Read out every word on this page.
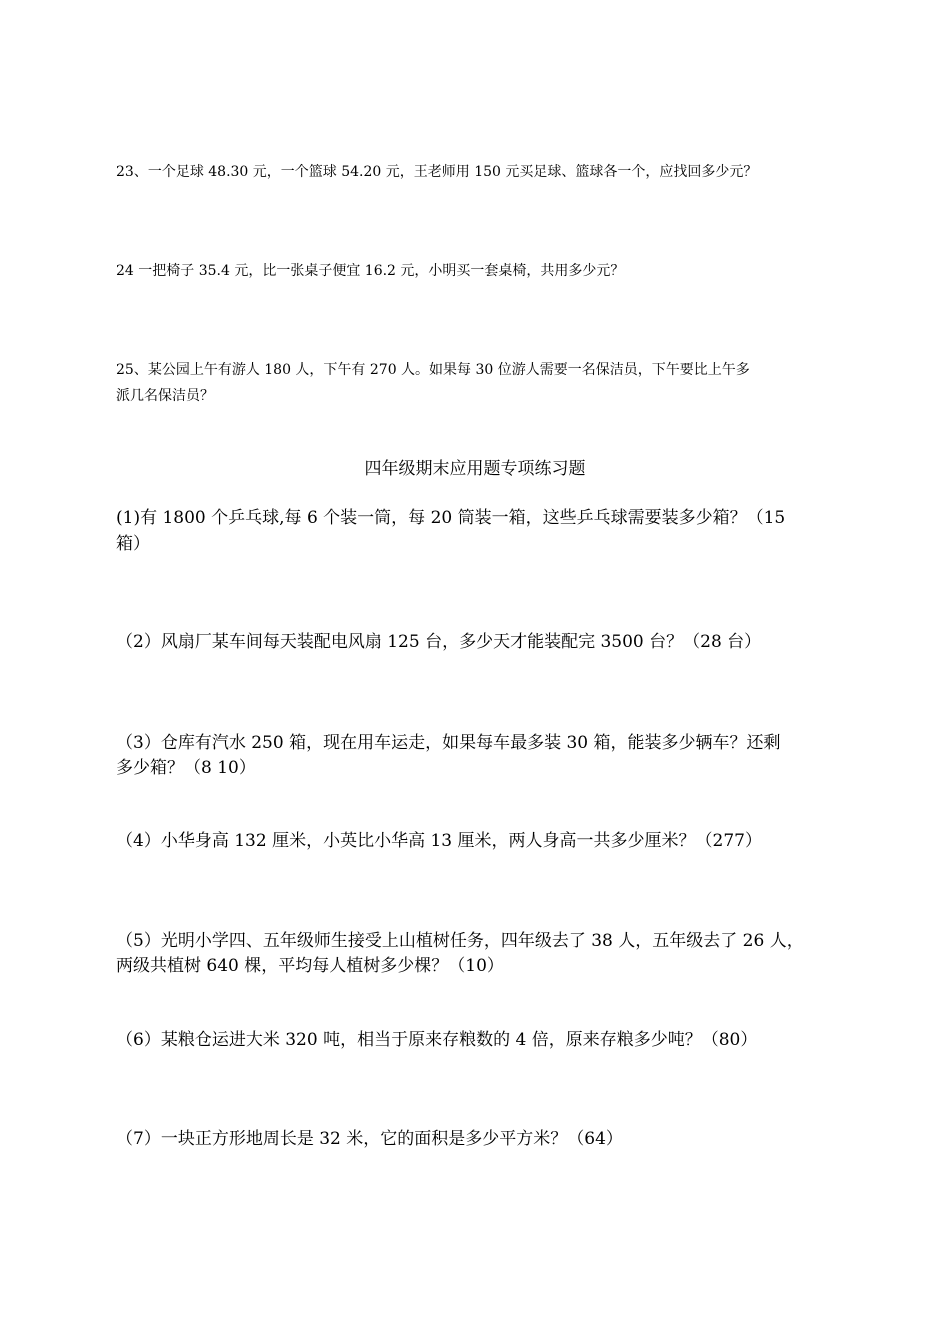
23、一个足球 48.30 元，一个篮球 54.20 元，王老师用 150 元买足球、篮球各一个，应找回多少元？
24 一把椅子 35.4 元，比一张桌子便宜 16.2 元，小明买一套桌椅，共用多少元？
25、某公园上午有游人 180 人，下午有 270 人。如果每 30 位游人需要一名保洁员，下午要比上午多
派几名保洁员？
四年级期末应用题专项练习题
(1)有 1800 个乒乓球,每 6 个装一筒，每 20 筒装一箱，这些乒乓球需要装多少箱？（15
箱）
（2）风扇厂某车间每天装配电风扇 125 台，多少天才能装配完 3500 台？（28 台）
（3）仓库有汽水 250 箱，现在用车运走，如果每车最多装 30 箱，能装多少辆车？还剩
多少箱？（8 10）
（4）小华身高 132 厘米，小英比小华高 13 厘米，两人身高一共多少厘米？（277）
（5）光明小学四、五年级师生接受上山植树任务，四年级去了 38 人，五年级去了 26 人，
两级共植树 640 棵，平均每人植树多少棵？（10）
（6）某粮仓运进大米 320 吨，相当于原来存粮数的 4 倍，原来存粮多少吨？（80）
（7）一块正方形地周长是 32 米，它的面积是多少平方米？（64）
